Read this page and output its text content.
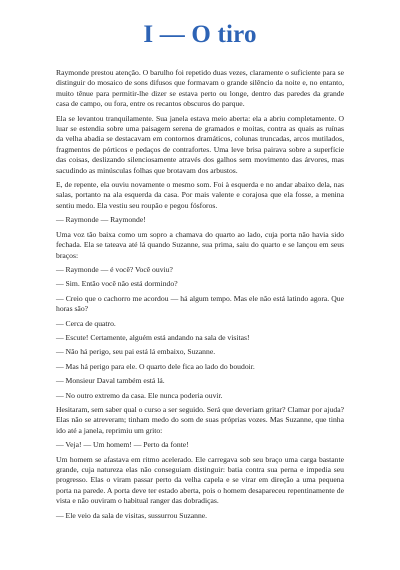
I — O tiro

Raymonde prestou atenção. O barulho foi repetido duas vezes, claramente o suficiente para se distinguir do mosaico de sons difusos que formavam o grande silêncio da noite e, no entanto, muito tênue para permitir-lhe dizer se estava perto ou longe, dentro das paredes da grande casa de campo, ou fora, entre os recantos obscuros do parque.

Ela se levantou tranquilamente. Sua janela estava meio aberta: ela a abriu completamente. O luar se estendia sobre uma paisagem serena de gramados e moitas, contra as quais as ruínas da velha abadia se destacavam em contornos dramáticos, colunas truncadas, arcos mutilados, fragmentos de pórticos e pedaços de contrafortes. Uma leve brisa pairava sobre a superfície das coisas, deslizando silenciosamente através dos galhos sem movimento das árvores, mas sacudindo as minúsculas folhas que brotavam dos arbustos.

E, de repente, ela ouviu novamente o mesmo som. Foi à esquerda e no andar abaixo dela, nas salas, portanto na ala esquerda da casa. Por mais valente e corajosa que ela fosse, a menina sentiu medo. Ela vestiu seu roupão e pegou fósforos.

— Raymonde — Raymonde!

Uma voz tão baixa como um sopro a chamava do quarto ao lado, cuja porta não havia sido fechada. Ela se tateava até lá quando Suzanne, sua prima, saiu do quarto e se lançou em seus braços:

— Raymonde — é você? Você ouviu?

— Sim. Então você não está dormindo?

— Creio que o cachorro me acordou — há algum tempo. Mas ele não está latindo agora. Que horas são?

— Cerca de quatro.

— Escute! Certamente, alguém está andando na sala de visitas!

— Não há perigo, seu pai está lá embaixo, Suzanne.

— Mas há perigo para ele. O quarto dele fica ao lado do boudoir.

— Monsieur Daval também está lá.

— No outro extremo da casa. Ele nunca poderia ouvir.

Hesitaram, sem saber qual o curso a ser seguido. Será que deveriam gritar? Clamar por ajuda? Elas não se atreveram; tinham medo do som de suas próprias vozes. Mas Suzanne, que tinha ido até a janela, reprimiu um grito:

— Veja! — Um homem! — Perto da fonte!

Um homem se afastava em ritmo acelerado. Ele carregava sob seu braço uma carga bastante grande, cuja natureza elas não conseguiam distinguir: batia contra sua perna e impedia seu progresso. Elas o viram passar perto da velha capela e se virar em direção a uma pequena porta na parede. A porta deve ter estado aberta, pois o homem desapareceu repentinamente de vista e não ouviram o habitual ranger das dobradiças.

— Ele veio da sala de visitas, sussurrou Suzanne.
